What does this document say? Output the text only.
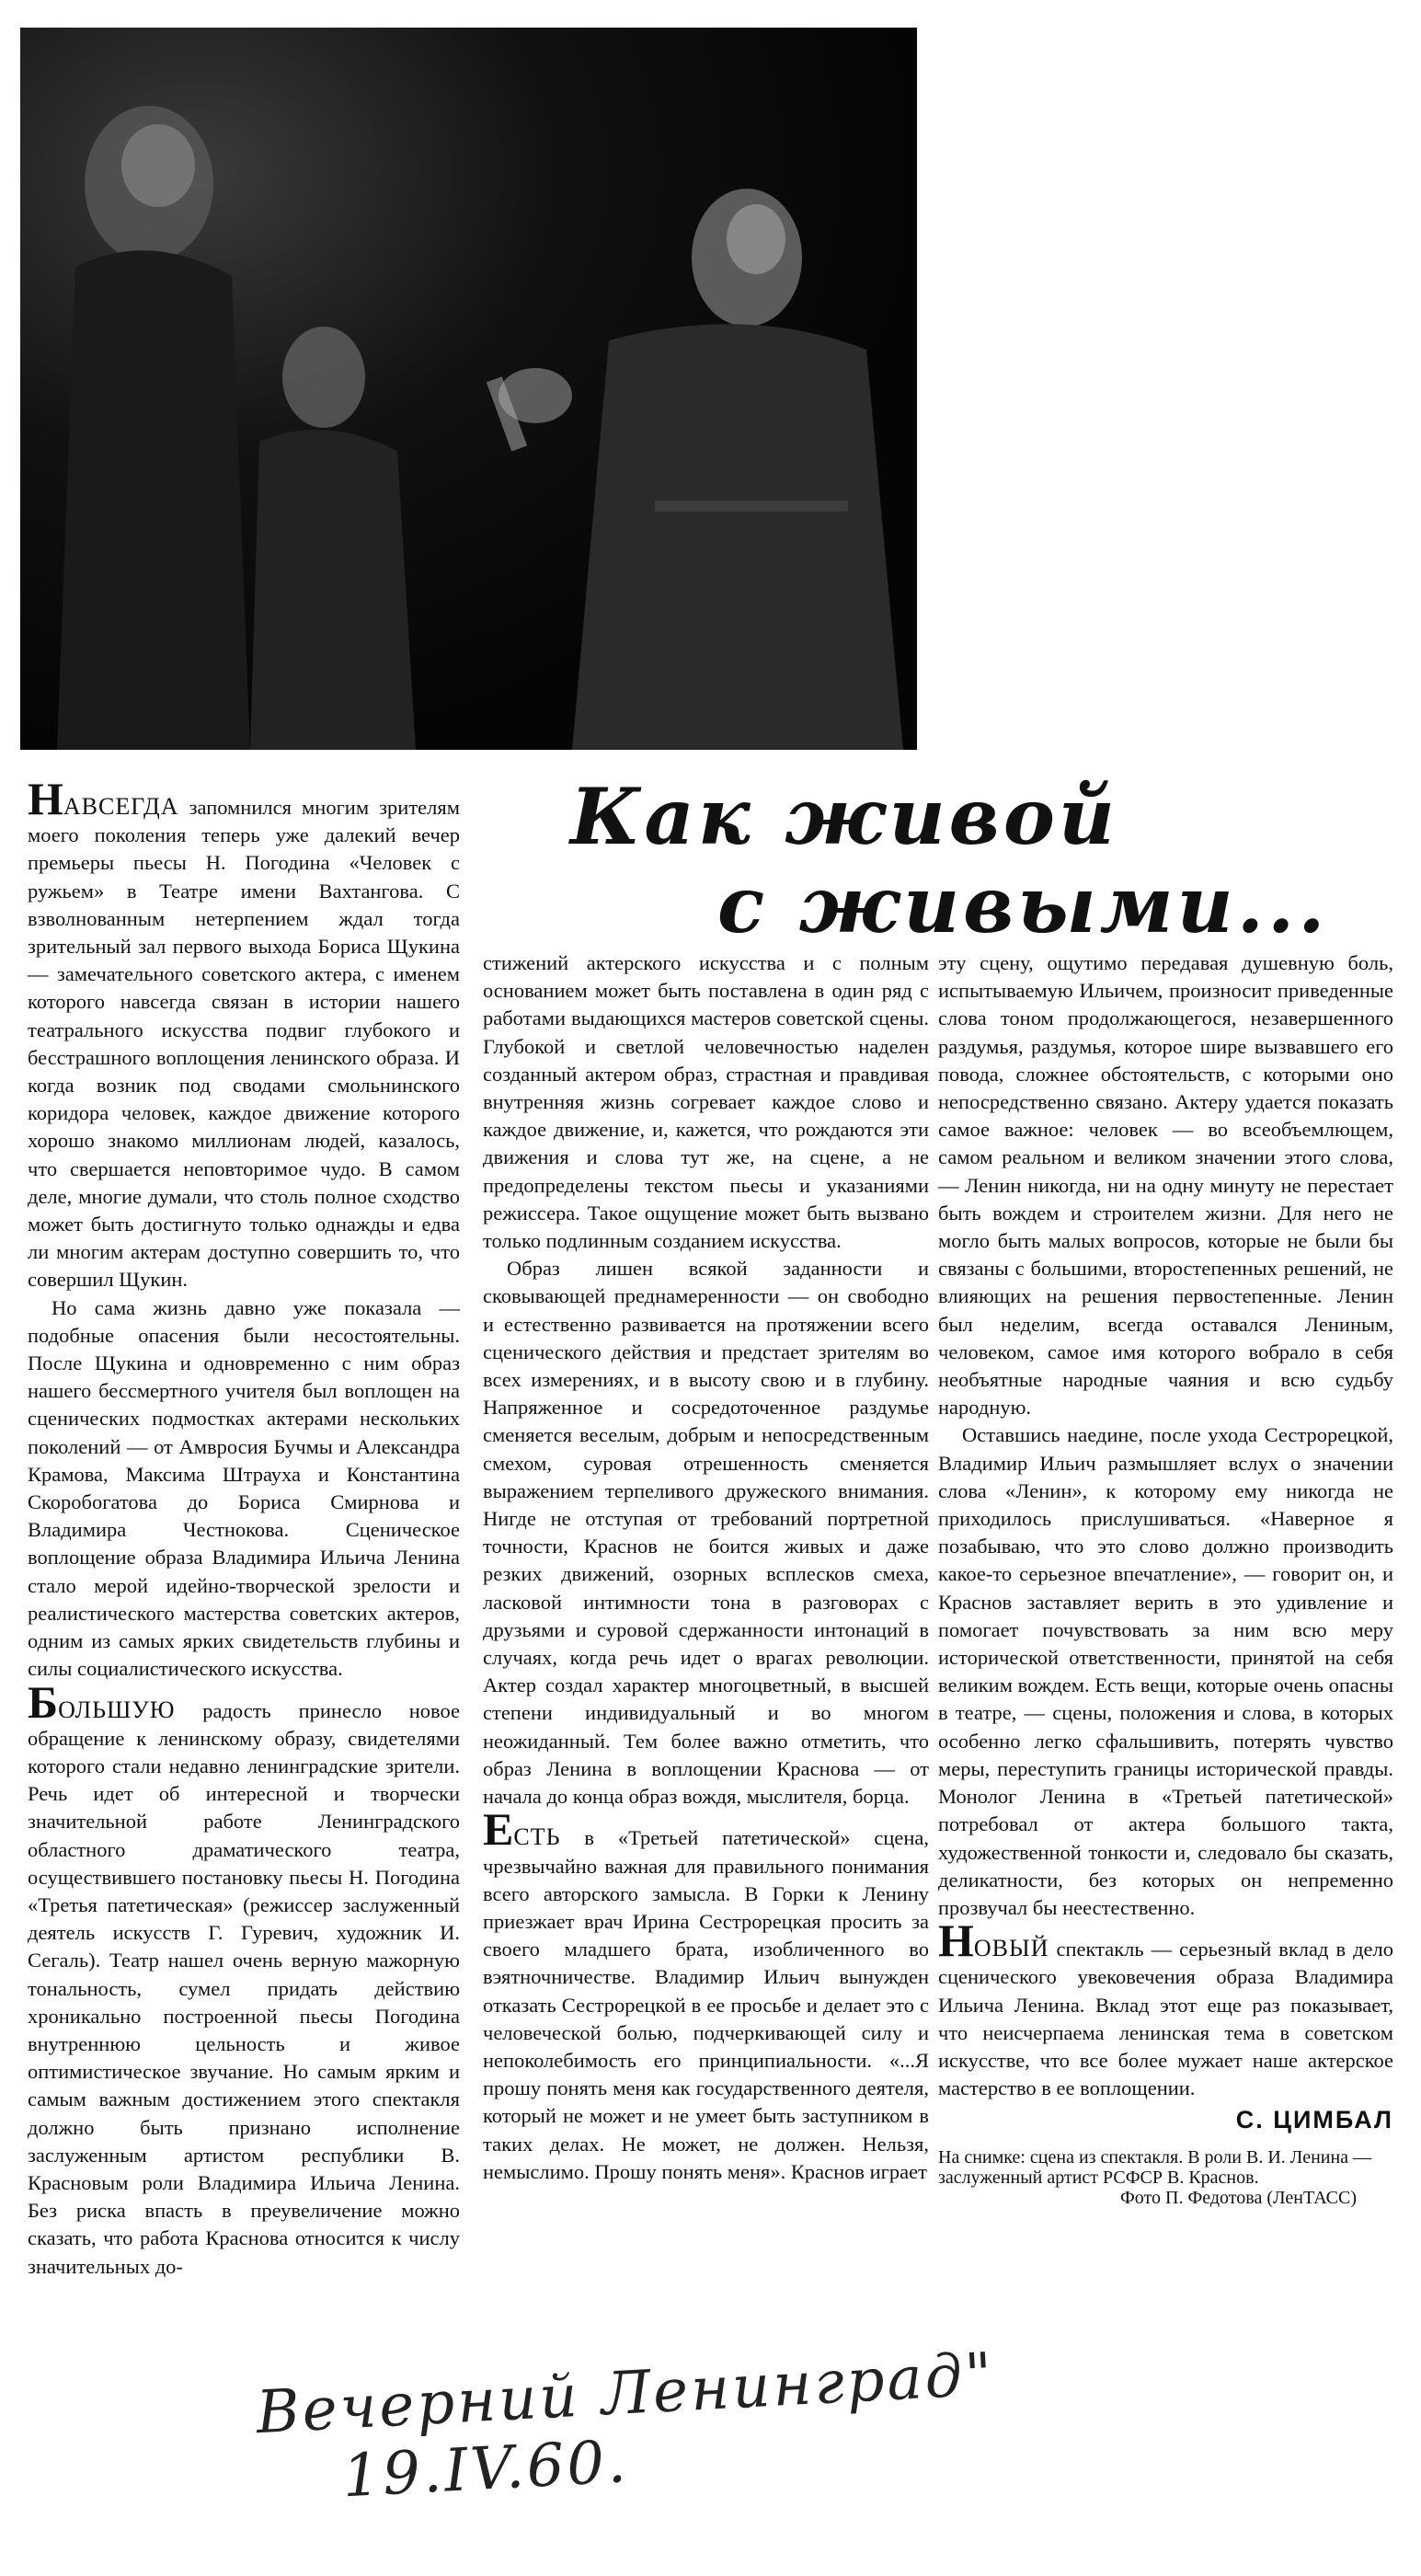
Как живой
с живыми...

НАВСЕГДА запомнился многим зрителям моего поколения теперь уже далекий вечер премьеры пьесы Н. Погодина «Человек с ружьем» в Театре имени Вахтангова. С взволнованным нетерпением ждал тогда зрительный зал первого выхода Бориса Щукина — замечательного советского актера, с именем которого навсегда связан в истории нашего театрального искусства подвиг глубокого и бесстрашного воплощения ленинского образа. И когда возник под сводами смольнинского коридора человек, каждое движение которого хорошо знакомо миллионам людей, казалось, что свершается неповторимое чудо. В самом деле, многие думали, что столь полное сходство может быть достигнуто только однажды и едва ли многим актерам доступно совершить то, что совершил Щукин.

Но сама жизнь давно уже показала — подобные опасения были несостоятельны. После Щукина и одновременно с ним образ нашего бессмертного учителя был воплощен на сценических подмостках актерами нескольких поколений — от Амвросия Бучмы и Александра Крамова, Максима Штрауха и Константина Скоробогатова до Бориса Смирнова и Владимира Честнокова. Сценическое воплощение образа Владимира Ильича Ленина стало мерой идейно-творческой зрелости и реалистического мастерства советских актеров, одним из самых ярких свидетельств глубины и силы социалистического искусства.

БОЛЬШУЮ радость принесло новое обращение к ленинскому образу, свидетелями которого стали недавно ленинградские зрители. Речь идет об интересной и творчески значительной работе Ленинградского областного драматического театра, осуществившего постановку пьесы Н. Погодина «Третья патетическая» (режиссер заслуженный деятель искусств Г. Гуревич, художник И. Сегаль). Театр нашел очень верную мажорную тональность, сумел придать действию хроникально построенной пьесы Погодина внутреннюю цельность и живое оптимистическое звучание. Но самым ярким и самым важным достижением этого спектакля должно быть признано исполнение заслуженным артистом республики В. Красновым роли Владимира Ильича Ленина. Без риска впасть в преувеличение можно сказать, что работа Краснова относится к числу значительных до-

стижений актерского искусства и с полным основанием может быть поставлена в один ряд с работами выдающихся мастеров советской сцены. Глубокой и светлой человечностью наделен созданный актером образ, страстная и правдивая внутренняя жизнь согревает каждое слово и каждое движение, и, кажется, что рождаются эти движения и слова тут же, на сцене, а не предопределены текстом пьесы и указаниями режиссера. Такое ощущение может быть вызвано только подлинным созданием искусства.

Образ лишен всякой заданности и сковывающей преднамеренности — он свободно и естественно развивается на протяжении всего сценического действия и предстает зрителям во всех измерениях, и в высоту свою и в глубину. Напряженное и сосредоточенное раздумье сменяется веселым, добрым и непосредственным смехом, суровая отрешенность сменяется выражением терпеливого дружеского внимания. Нигде не отступая от требований портретной точности, Краснов не боится живых и даже резких движений, озорных всплесков смеха, ласковой интимности тона в разговорах с друзьями и суровой сдержанности интонаций в случаях, когда речь идет о врагах революции. Актер создал характер многоцветный, в высшей степени индивидуальный и во многом неожиданный. Тем более важно отметить, что образ Ленина в воплощении Краснова — от начала до конца образ вождя, мыслителя, борца.

ЕСТЬ в «Третьей патетической» сцена, чрезвычайно важная для правильного понимания всего авторского замысла. В Горки к Ленину приезжает врач Ирина Сестрорецкая просить за своего младшего брата, изобличенного во вэятночничестве. Владимир Ильич вынужден отказать Сестрорецкой в ее просьбе и делает это с человеческой болью, подчеркивающей силу и непоколебимость его принципиальности. «...Я прошу понять меня как государственного деятеля, который не может и не умеет быть заступником в таких делах. Не может, не должен. Нельзя, немыслимо. Прошу понять меня». Краснов играет

эту сцену, ощутимо передавая душевную боль, испытываемую Ильичем, произносит приведенные слова тоном продолжающегося, незавершенного раздумья, раздумья, которое шире вызвавшего его повода, сложнее обстоятельств, с которыми оно непосредственно связано. Актеру удается показать самое важное: человек — во всеобъемлющем, самом реальном и великом значении этого слова, — Ленин никогда, ни на одну минуту не перестает быть вождем и строителем жизни. Для него не могло быть малых вопросов, которые не были бы связаны с большими, второстепенных решений, не влияющих на решения первостепенные. Ленин был неделим, всегда оставался Лениным, человеком, самое имя которого вобрало в себя необъятные народные чаяния и всю судьбу народную.

Оставшись наедине, после ухода Сестрорецкой, Владимир Ильич размышляет вслух о значении слова «Ленин», к которому ему никогда не приходилось прислушиваться. «Наверное я позабываю, что это слово должно производить какое-то серьезное впечатление», — говорит он, и Краснов заставляет верить в это удивление и помогает почувствовать за ним всю меру исторической ответственности, принятой на себя великим вождем. Есть вещи, которые очень опасны в театре, — сцены, положения и слова, в которых особенно легко сфальшивить, потерять чувство меры, переступить границы исторической правды. Монолог Ленина в «Третьей патетической» потребовал от актера большого такта, художественной тонкости и, следовало бы сказать, деликатности, без которых он непременно прозвучал бы неестественно.

НОВЫЙ спектакль — серьезный вклад в дело сценического увековечения образа Владимира Ильича Ленина. Вклад этот еще раз показывает, что неисчерпаема ленинская тема в советском искусстве, что все более мужает наше актерское мастерство в ее воплощении.

С. ЦИМБАЛ
На снимке: сцена из спектакля. В роли В. И. Ленина — заслуженный артист РСФСР В. Краснов.
Фото П. Федотова (ЛенТАСС)
Вечерний Ленинград" 19.IV.60.
